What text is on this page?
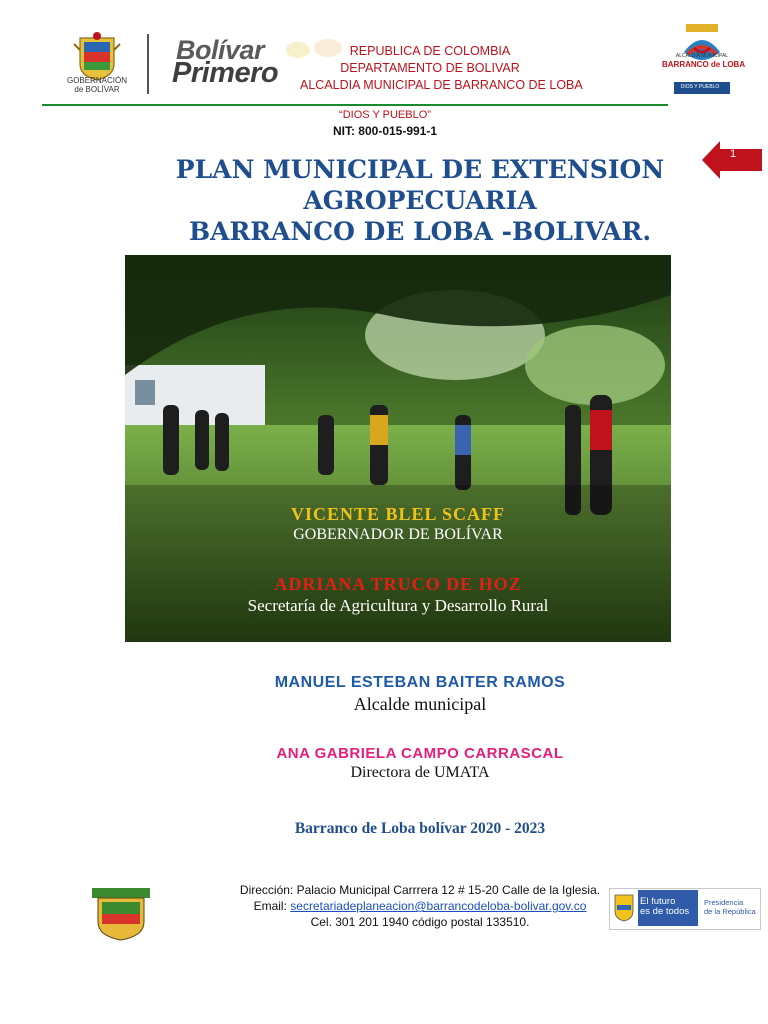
GOBERNACIÓN
de BOLÍVAR
Bolívar
Primero
REPUBLICA DE COLOMBIA
DEPARTAMENTO DE BOLIVAR
ALCALDIA MUNICIPAL DE BARRANCO DE LOBA
ALCALDÍA MUNICIPAL
BARRANCO de LOBA
DIOS Y PUEBLO
“DIOS Y PUEBLO”
NIT: 800-015-991-1
1
PLAN MUNICIPAL DE EXTENSION
AGROPECUARIA
BARRANCO DE LOBA -BOLIVAR.
VICENTE BLEL SCAFF
GOBERNADOR DE BOLÍVAR
ADRIANA TRUCO DE HOZ
Secretaría de Agricultura y Desarrollo Rural
MANUEL ESTEBAN BAITER RAMOS
Alcalde municipal
ANA GABRIELA CAMPO CARRASCAL
Directora de UMATA
Barranco de Loba bolívar 2020 - 2023
Dirección: Palacio Municipal Carrrera 12 # 15-20 Calle de la Iglesia.
Email: secretariadeplaneacion@barrancodeloba-bolivar.gov.co
Cel. 301 201 1940 código postal 133510.
El futuro
es de todos
Presidencia
de la República
